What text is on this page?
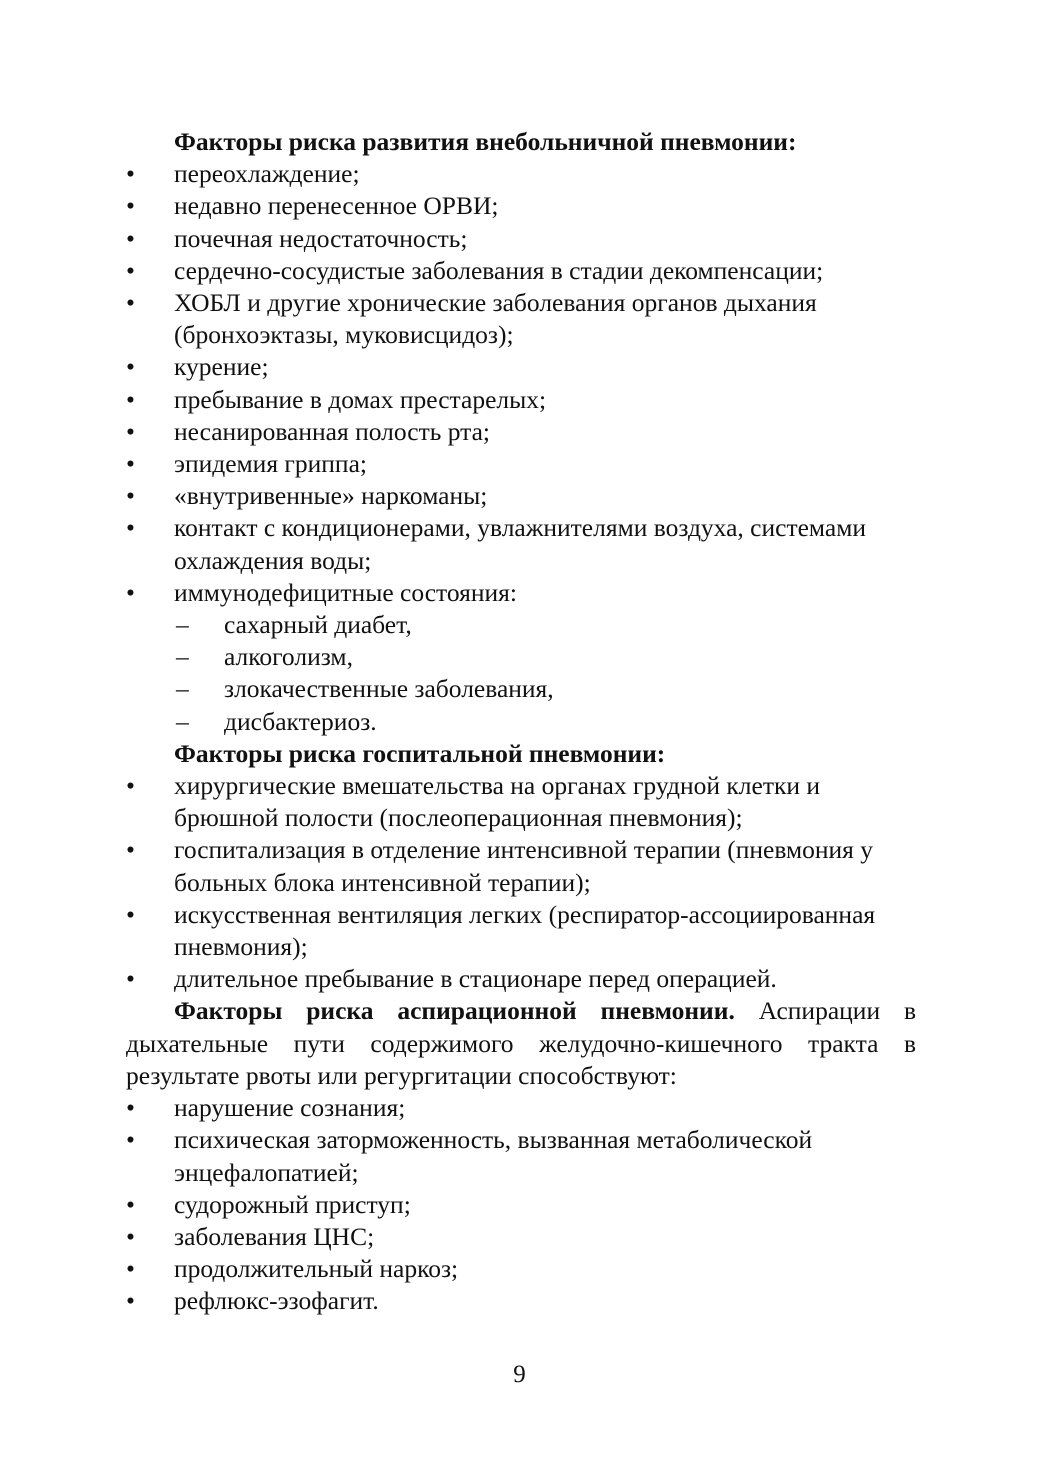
Факторы риска развития внебольничной пневмонии:

• переохлаждение;
• недавно перенесенное ОРВИ;
• почечная недостаточность;
• сердечно-сосудистые заболевания в стадии декомпенсации;
• ХОБЛ и другие хронические заболевания органов дыхания (бронхоэктазы, муковисцидоз);
• курение;
• пребывание в домах престарелых;
• несанированная полость рта;
• эпидемия гриппа;
• «внутривенные» наркоманы;
• контакт с кондиционерами, увлажнителями воздуха, системами охлаждения воды;
• иммунодефицитные состояния:
– сахарный диабет,
– алкоголизм,
– злокачественные заболевания,
– дисбактериоз.

Факторы риска госпитальной пневмонии:

• хирургические вмешательства на органах грудной клетки и брюшной полости (послеоперационная пневмония);
• госпитализация в отделение интенсивной терапии (пневмония у больных блока интенсивной терапии);
• искусственная вентиляция легких (респиратор-ассоциированная пневмония);
• длительное пребывание в стационаре перед операцией.

Факторы риска аспирационной пневмонии. Аспирации в дыхательные пути содержимого желудочно-кишечного тракта в результате рвоты или регургитации способствуют:

• нарушение сознания;
• психическая заторможенность, вызванная метаболической энцефалопатией;
• судорожный приступ;
• заболевания ЦНС;
• продолжительный наркоз;
• рефлюкс-эзофагит.
9
